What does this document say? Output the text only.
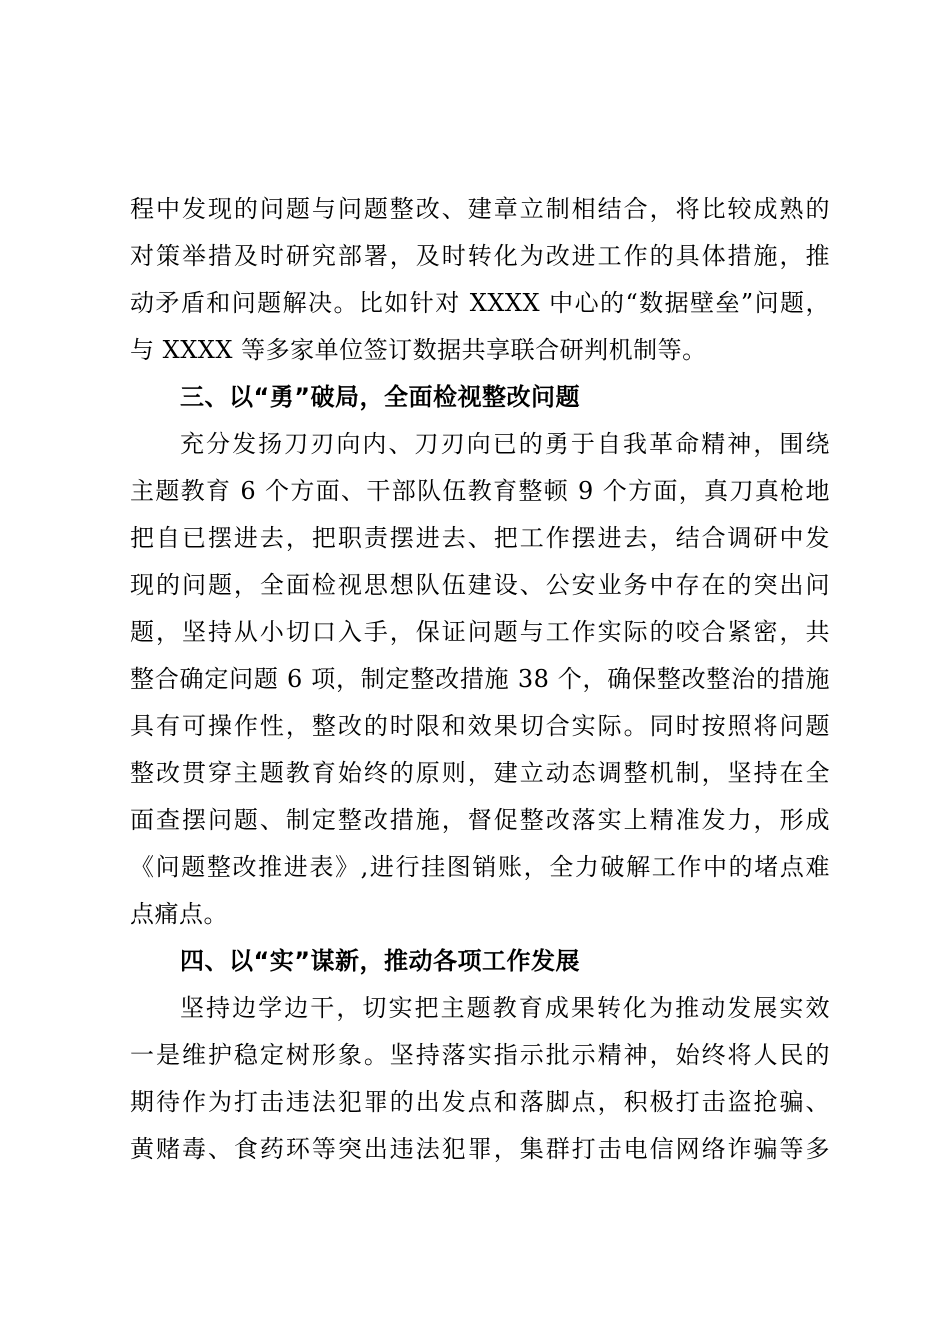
程中发现的问题与问题整改、建章立制相结合，将比较成熟的
对策举措及时研究部署，及时转化为改进工作的具体措施，推
动矛盾和问题解决。比如针对 XXXX 中心的“数据壁垒”问题，
与 XXXX 等多家单位签订数据共享联合研判机制等。
三、以“勇”破局，全面检视整改问题
充分发扬刀刃向内、刀刃向已的勇于自我革命精神，围绕
主题教育 6 个方面、干部队伍教育整顿 9 个方面，真刀真枪地
把自已摆进去，把职责摆进去、把工作摆进去，结合调研中发
现的问题，全面检视思想队伍建设、公安业务中存在的突出问
题，坚持从小切口入手，保证问题与工作实际的咬合紧密，共
整合确定问题 6 项，制定整改措施 38 个，确保整改整治的措施
具有可操作性，整改的时限和效果切合实际。同时按照将问题
整改贯穿主题教育始终的原则，建立动态调整机制，坚持在全
面查摆问题、制定整改措施，督促整改落实上精准发力，形成
《问题整改推进表》,进行挂图销账，全力破解工作中的堵点难
点痛点。
四、以“实”谋新，推动各项工作发展
坚持边学边干，切实把主题教育成果转化为推动发展实效
一是维护稳定树形象。坚持落实指示批示精神，始终将人民的
期待作为打击违法犯罪的出发点和落脚点，积极打击盗抢骗、
黄赌毒、食药环等突出违法犯罪，集群打击电信网络诈骗等多
